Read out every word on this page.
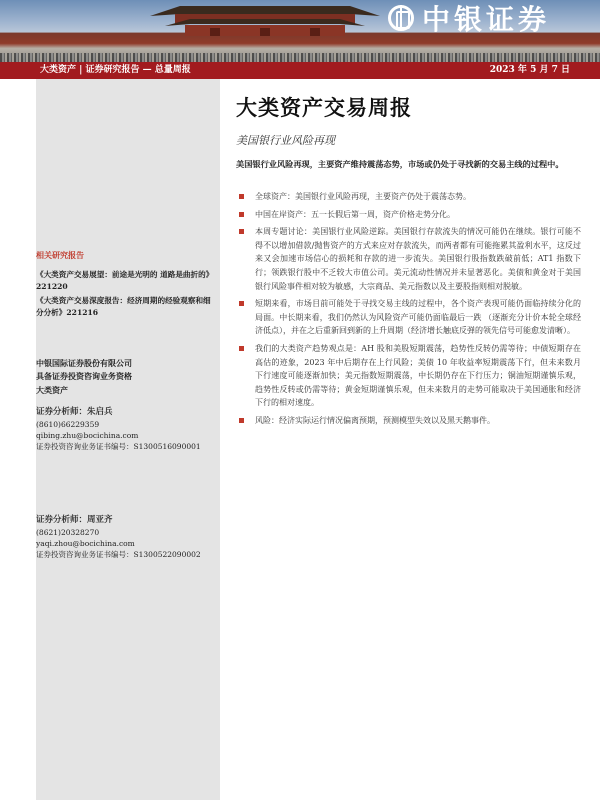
中银证券
大类资产 | 证券研究报告 — 总量周报	2023 年 5 月 7 日
相关研究报告
《大类资产交易展望：前途是光明的 道路是曲折的》221220
《大类资产交易深度报告：经济周期的经验观察和细分分析》221216
中银国际证券股份有限公司
具备证券投资咨询业务资格
大类资产
证券分析师：朱启兵
(8610)66229359
qibing.zhu@bocichina.com
证券投资咨询业务证书编号：S1300516090001
证券分析师：周亚齐
(8621)20328270
yaqi.zhou@bocichina.com
证券投资咨询业务证书编号：S1300522090002
大类资产交易周报
美国银行业风险再现
美国银行业风险再现，主要资产维持震荡态势，市场或仍处于寻找新的交易主线的过程中。
全球资产：美国银行业风险再现，主要资产仍处于震荡态势。
中国在岸资产：五一长假后第一周，资产价格走势分化。
本周专题讨论：美国银行业风险逆踪。美国银行存款流失的情况可能仍在继续。银行可能不得不以增加借款/抛售资产的方式来应对存款流失，而两者都有可能拖累其盈利水平，这反过来又会加速市场信心的损耗和存款的进一步流失。美国银行股指数跌破前低；AT1 指数下行；领跌银行股中不乏较大市值公司。美元流动性情况并未显著恶化。美债和黄金对于美国银行风险事件相对较为敏感，大宗商品、美元指数以及主要股指则相对脱敏。
短期来看，市场目前可能处于寻找交易主线的过程中，各个资产表现可能仍面临持续分化的局面。中长期来看，我们仍然认为风险资产可能仍面临最后一跌 （逐渐充分计价本轮全球经济低点），并在之后重新回到新的上升周期（经济增长触底反弹的领先信号可能愈发清晰）。
我们的大类资产趋势观点是：AH 股和美股短期震荡，趋势性反转仍需等待；中债短期存在高估的迹象，2023 年中后期存在上行风险；美债 10 年收益率短期震荡下行，但未来数月下行速度可能逐渐加快；美元指数短期震荡，中长期仍存在下行压力；铜油短期谨慎乐观，趋势性反转或仍需等待；黄金短期谨慎乐观，但未来数月的走势可能取决于美国通胀和经济下行的相对速度。
风险：经济实际运行情况偏离预期，预测模型失效以及黑天鹅事件。
